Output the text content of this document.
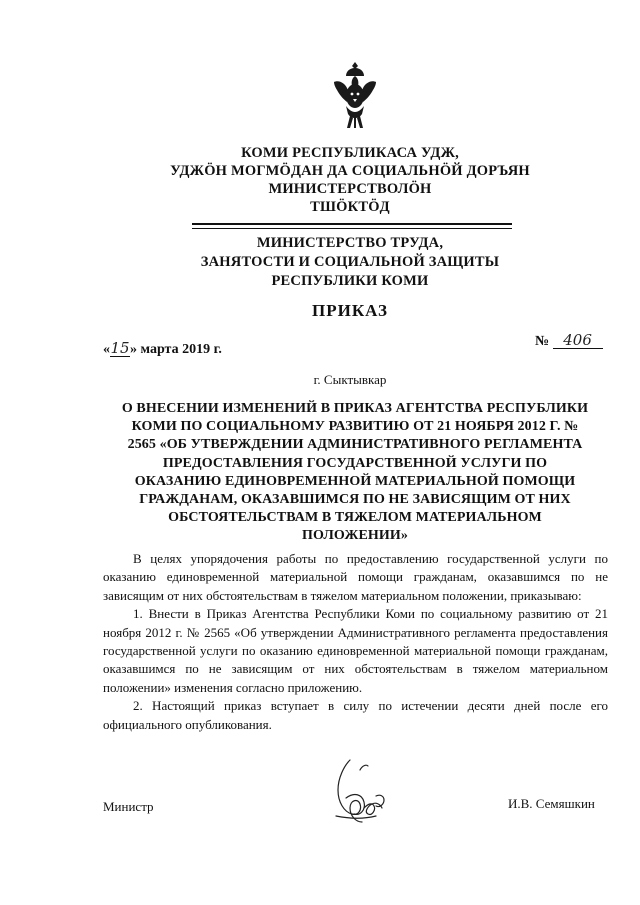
КОМИ РЕСПУБЛИКАСА УДЖ,
УДЖӦН МОГМӦДАН ДА СОЦИАЛЬНӦЙ ДОРЪЯН
МИНИСТЕРСТВОЛӦН
ТШӦКТӦД
МИНИСТЕРСТВО ТРУДА,
ЗАНЯТОСТИ И СОЦИАЛЬНОЙ ЗАЩИТЫ
РЕСПУБЛИКИ КОМИ
ПРИКАЗ
«15» марта 2019 г.
№ 406
г. Сыктывкар
О ВНЕСЕНИИ ИЗМЕНЕНИЙ В ПРИКАЗ АГЕНТСТВА РЕСПУБЛИКИ
КОМИ ПО СОЦИАЛЬНОМУ РАЗВИТИЮ ОТ 21 НОЯБРЯ 2012 Г. №
2565 «ОБ УТВЕРЖДЕНИИ АДМИНИСТРАТИВНОГО РЕГЛАМЕНТА
ПРЕДОСТАВЛЕНИЯ ГОСУДАРСТВЕННОЙ УСЛУГИ ПО
ОКАЗАНИЮ ЕДИНОВРЕМЕННОЙ МАТЕРИАЛЬНОЙ ПОМОЩИ
ГРАЖДАНАМ, ОКАЗАВШИМСЯ ПО НЕ ЗАВИСЯЩИМ ОТ НИХ
ОБСТОЯТЕЛЬСТВАМ В ТЯЖЕЛОМ МАТЕРИАЛЬНОМ
ПОЛОЖЕНИИ»

В целях упорядочения работы по предоставлению государственной услуги по оказанию единовременной материальной помощи гражданам, оказавшимся по не зависящим от них обстоятельствам в тяжелом материальном положении, приказываю:

1. Внести в Приказ Агентства Республики Коми по социальному развитию от 21 ноября 2012 г. № 2565 «Об утверждении Административного регламента предоставления государственной услуги по оказанию единовременной материальной помощи гражданам, оказавшимся по не зависящим от них обстоятельствам в тяжелом материальном положении» изменения согласно приложению.

2. Настоящий приказ вступает в силу по истечении десяти дней после его официального опубликования.

Министр	И.В. Семяшкин
